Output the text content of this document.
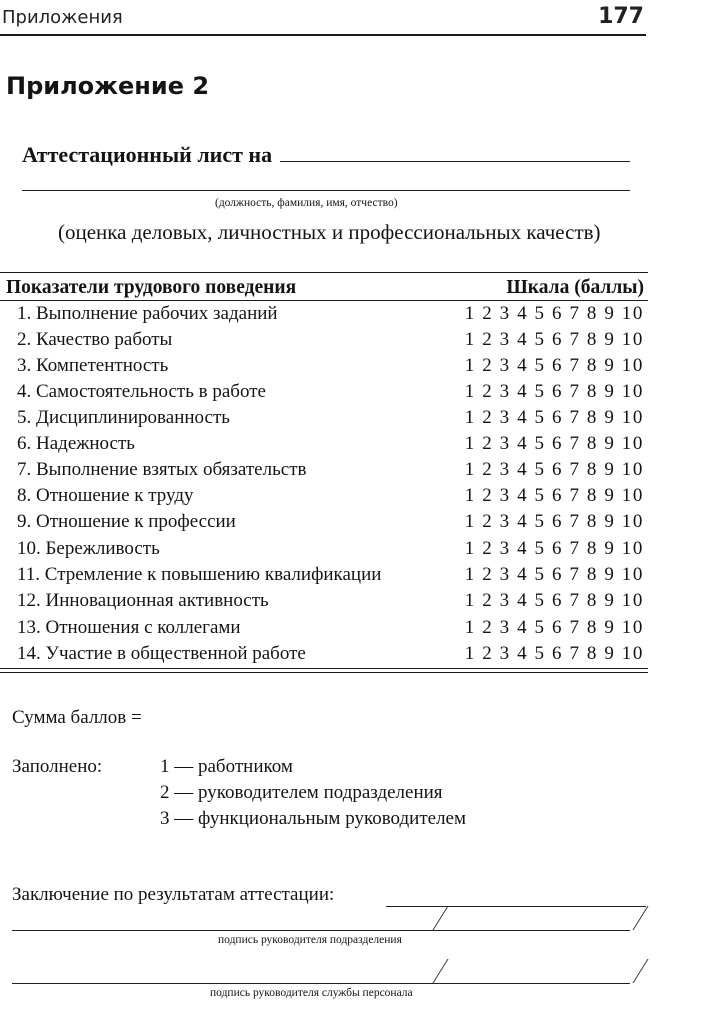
Приложения	177
Приложение 2
Аттестационный лист на
(должность, фамилия, имя, отчество)
(оценка деловых, личностных и профессиональных качеств)
Показатели трудового поведения	Шкала (баллы)
1. Выполнение рабочих заданий	1 2 3 4 5 6 7 8 9 10
2. Качество работы	1 2 3 4 5 6 7 8 9 10
3. Компетентность	1 2 3 4 5 6 7 8 9 10
4. Самостоятельность в работе	1 2 3 4 5 6 7 8 9 10
5. Дисциплинированность	1 2 3 4 5 6 7 8 9 10
6. Надежность	1 2 3 4 5 6 7 8 9 10
7. Выполнение взятых обязательств	1 2 3 4 5 6 7 8 9 10
8. Отношение к труду	1 2 3 4 5 6 7 8 9 10
9. Отношение к профессии	1 2 3 4 5 6 7 8 9 10
10. Бережливость	1 2 3 4 5 6 7 8 9 10
11. Стремление к повышению квалификации	1 2 3 4 5 6 7 8 9 10
12. Инновационная активность	1 2 3 4 5 6 7 8 9 10
13. Отношения с коллегами	1 2 3 4 5 6 7 8 9 10
14. Участие в общественной работе	1 2 3 4 5 6 7 8 9 10
Сумма баллов =
Заполнено:	1 — работником
2 — руководителем подразделения
3 — функциональным руководителем
Заключение по результатам аттестации:
подпись руководителя подразделения
подпись руководителя службы персонала
